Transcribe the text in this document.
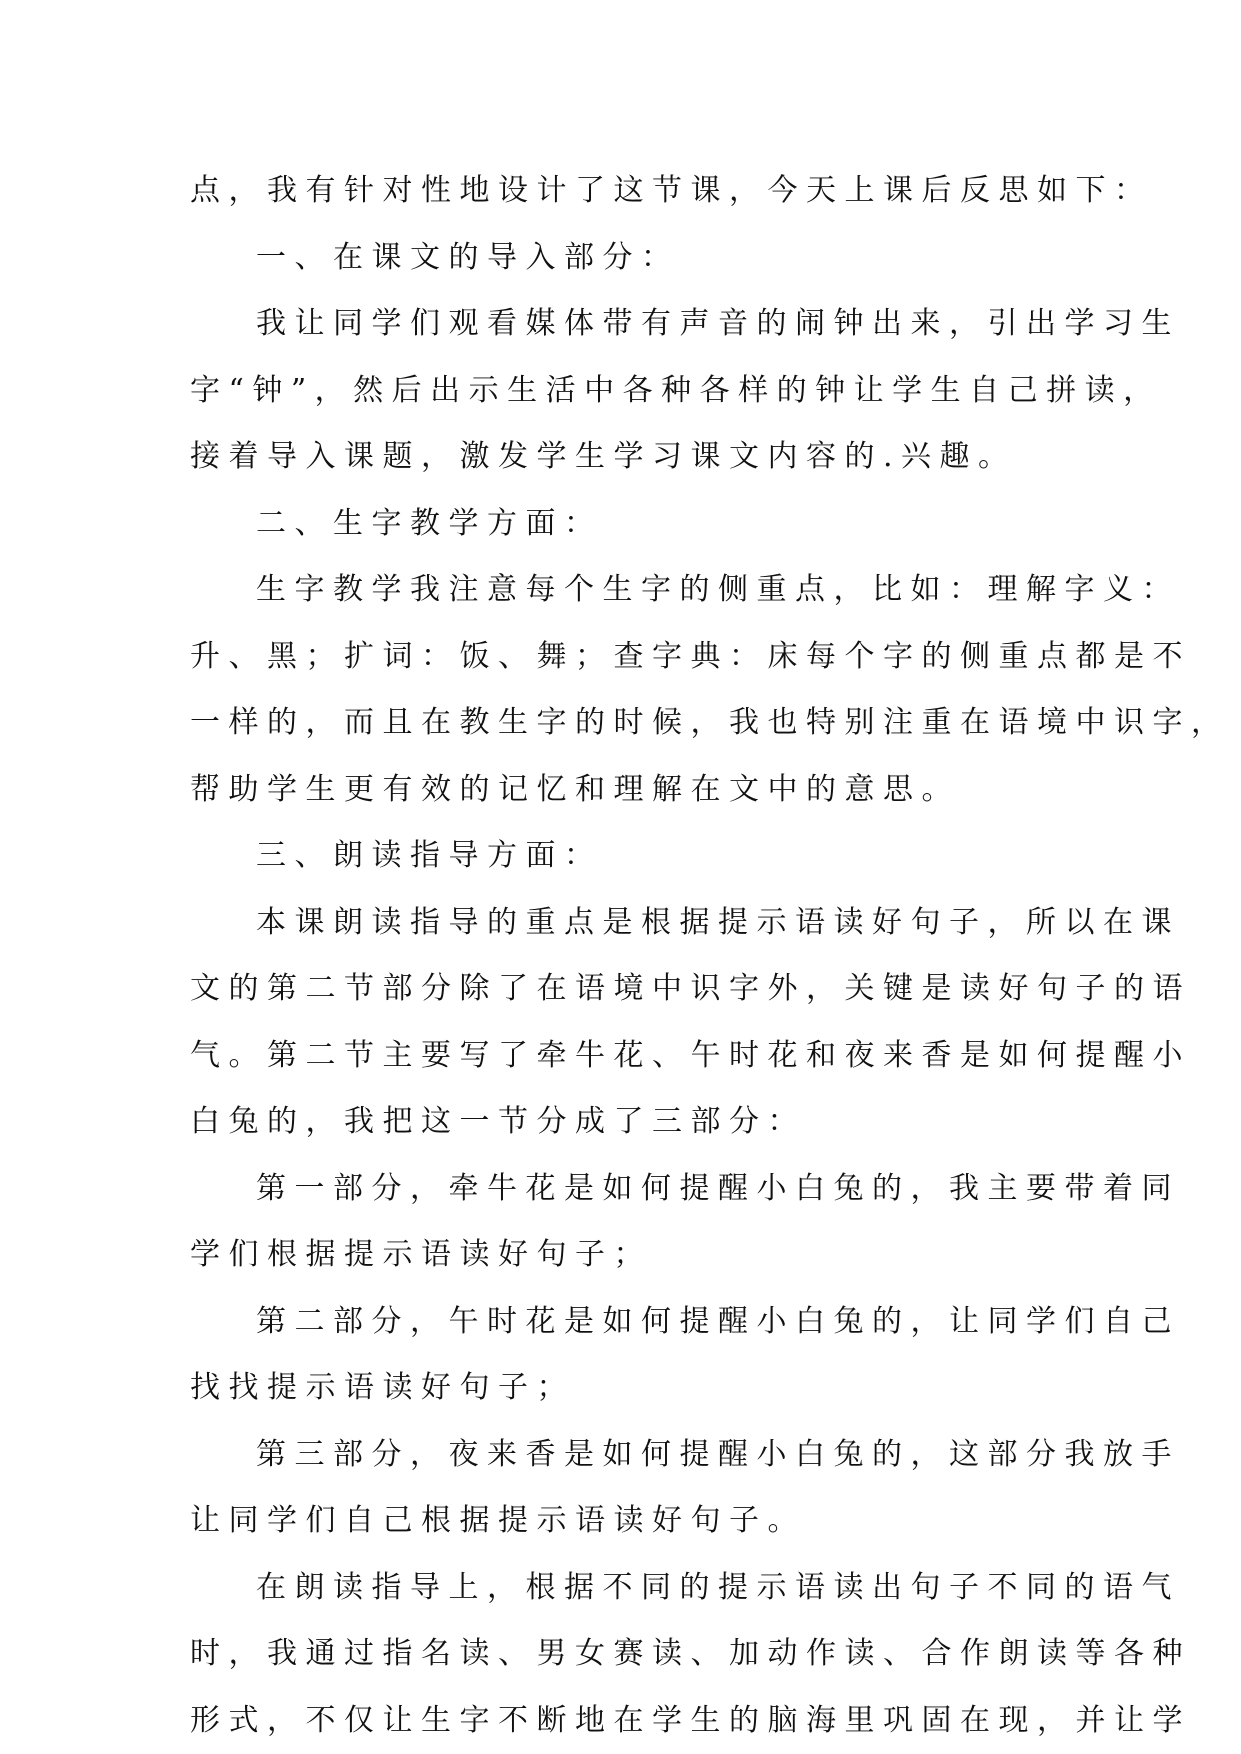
点，我有针对性地设计了这节课，今天上课后反思如下：
一、在课文的导入部分：
我让同学们观看媒体带有声音的闹钟出来，引出学习生
字“钟”，然后出示生活中各种各样的钟让学生自己拼读，
接着导入课题，激发学生学习课文内容的.兴趣。
二、生字教学方面：
生字教学我注意每个生字的侧重点，比如：理解字义：
升、黑；扩词：饭、舞；查字典：床每个字的侧重点都是不
一样的，而且在教生字的时候，我也特别注重在语境中识字，
帮助学生更有效的记忆和理解在文中的意思。
三、朗读指导方面：
本课朗读指导的重点是根据提示语读好句子，所以在课
文的第二节部分除了在语境中识字外，关键是读好句子的语
气。第二节主要写了牵牛花、午时花和夜来香是如何提醒小
白兔的，我把这一节分成了三部分：
第一部分，牵牛花是如何提醒小白兔的，我主要带着同
学们根据提示语读好句子；
第二部分，午时花是如何提醒小白兔的，让同学们自己
找找提示语读好句子；
第三部分，夜来香是如何提醒小白兔的，这部分我放手
让同学们自己根据提示语读好句子。
在朗读指导上，根据不同的提示语读出句子不同的语气
时，我通过指名读、男女赛读、加动作读、合作朗读等各种
形式，不仅让生字不断地在学生的脑海里巩固在现，并让学
